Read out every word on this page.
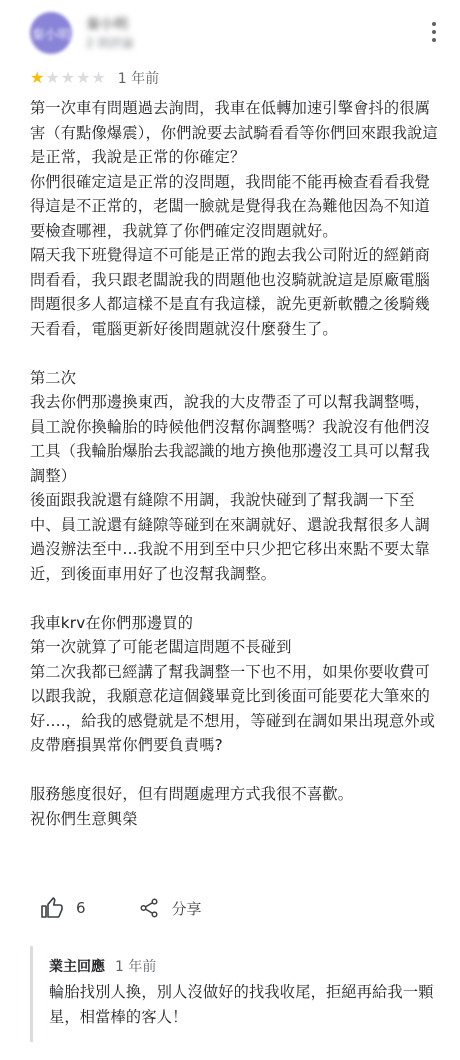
秦小明
秦小明
2 則評論
★ ★ ★ ★ ★ 1 年前

第一次車有問題過去詢問，我車在低轉加速引擎會抖的很厲害（有點像爆震），你們說要去試騎看看等你們回來跟我說這是正常，我說是正常的你確定？
你們很確定這是正常的沒問題，我問能不能再檢查看看我覺得這是不正常的，老闆一臉就是覺得我在為難他因為不知道要檢查哪裡，我就算了你們確定沒問題就好。
隔天我下班覺得這不可能是正常的跑去我公司附近的經銷商問看看，我只跟老闆說我的問題他也沒騎就說這是原廠電腦問題很多人都這樣不是直有我這樣，說先更新軟體之後騎幾天看看，電腦更新好後問題就沒什麼發生了。

第二次
我去你們那邊換東西，說我的大皮帶歪了可以幫我調整嗎，員工說你換輪胎的時候他們沒幫你調整嗎？我說沒有他們沒工具（我輪胎爆胎去我認識的地方換他那邊沒工具可以幫我調整）
後面跟我說還有縫隙不用調，我說快碰到了幫我調一下至中、員工說還有縫隙等碰到在來調就好、還說我幫很多人調過沒辦法至中…我說不用到至中只少把它移出來點不要太靠近，到後面車用好了也沒幫我調整。

我車krv在你們那邊買的
第一次就算了可能老闆這問題不長碰到
第二次我都已經講了幫我調整一下也不用，如果你要收費可以跟我說，我願意花這個錢畢竟比到後面可能要花大筆來的好….，給我的感覺就是不想用，等碰到在調如果出現意外或皮帶磨損異常你們要負責嗎?

服務態度很好，但有問題處理方式我很不喜歡。
祝你們生意興榮

6	分享
業主回應 1 年前
輪胎找別人換，別人沒做好的找我收尾，拒絕再給我一顆星，相當棒的客人！
